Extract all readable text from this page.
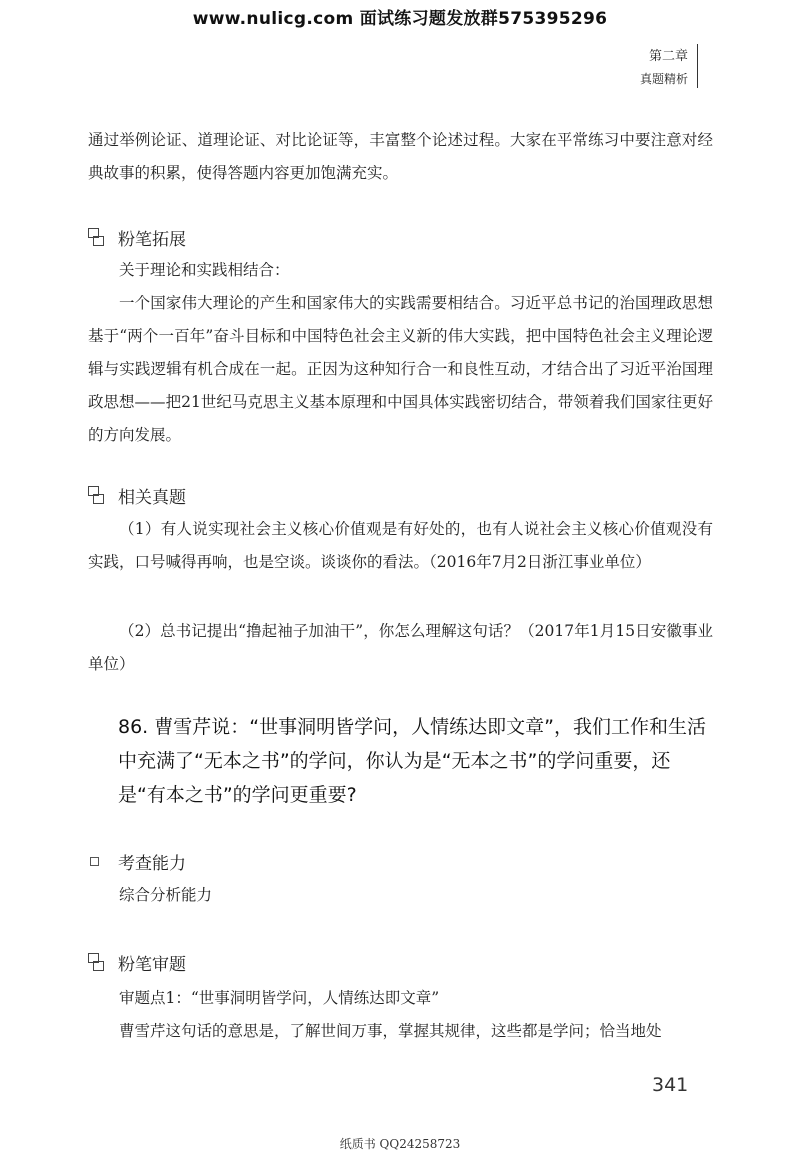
www.nulicg.com 面试练习题发放群575395296
第二章
真题精析
通过举例论证、道理论证、对比论证等，丰富整个论述过程。大家在平常练习中要注意对经典故事的积累，使得答题内容更加饱满充实。
粉笔拓展
关于理论和实践相结合：
一个国家伟大理论的产生和国家伟大的实践需要相结合。习近平总书记的治国理政思想基于“两个一百年”奋斗目标和中国特色社会主义新的伟大实践，把中国特色社会主义理论逻辑与实践逻辑有机合成在一起。正因为这种知行合一和良性互动，才结合出了习近平治国理政思想——把21世纪马克思主义基本原理和中国具体实践密切结合，带领着我们国家往更好的方向发展。
相关真题
（1）有人说实现社会主义核心价值观是有好处的，也有人说社会主义核心价值观没有实践，口号喊得再响，也是空谈。谈谈你的看法。（2016年7月2日浙江事业单位）
（2）总书记提出“撸起袖子加油干”，你怎么理解这句话？（2017年1月15日安徽事业单位）
86. 曹雪芹说：“世事洞明皆学问，人情练达即文章”，我们工作和生活中充满了“无本之书”的学问，你认为是“无本之书”的学问重要，还是“有本之书”的学问更重要?
考查能力
综合分析能力
粉笔审题
审题点1：“世事洞明皆学问，人情练达即文章”
曹雪芹这句话的意思是，了解世间万事，掌握其规律，这些都是学问；恰当地处
341
纸质书 QQ24258723
